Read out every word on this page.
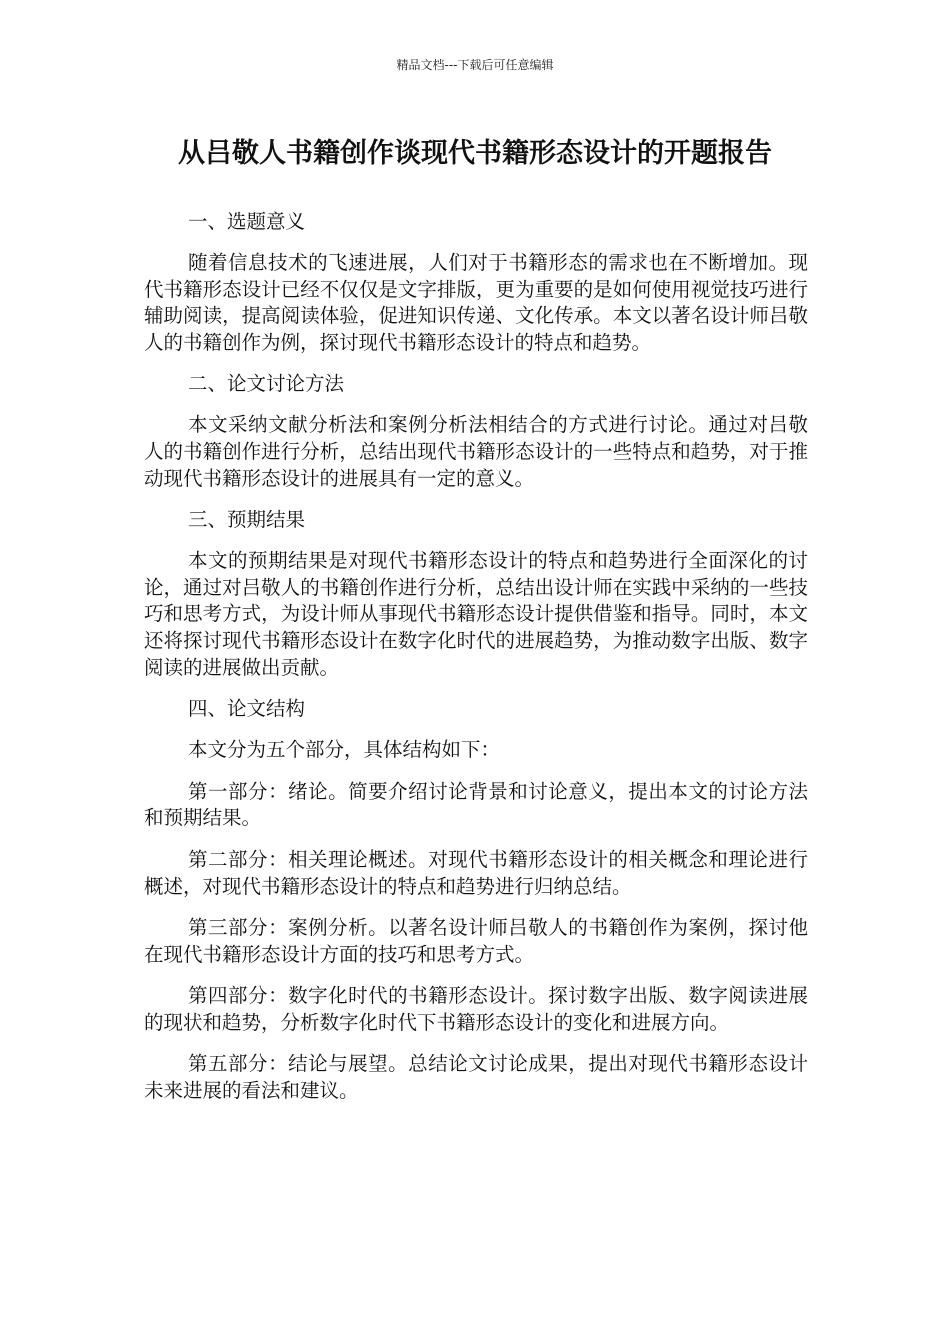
精品文档---下载后可任意编辑
从吕敬人书籍创作谈现代书籍形态设计的开题报告
一、选题意义

随着信息技术的飞速进展，人们对于书籍形态的需求也在不断增加。现代书籍形态设计已经不仅仅是文字排版，更为重要的是如何使用视觉技巧进行辅助阅读，提高阅读体验，促进知识传递、文化传承。本文以著名设计师吕敬人的书籍创作为例，探讨现代书籍形态设计的特点和趋势。

二、论文讨论方法

本文采纳文献分析法和案例分析法相结合的方式进行讨论。通过对吕敬人的书籍创作进行分析，总结出现代书籍形态设计的一些特点和趋势，对于推动现代书籍形态设计的进展具有一定的意义。

三、预期结果

本文的预期结果是对现代书籍形态设计的特点和趋势进行全面深化的讨论，通过对吕敬人的书籍创作进行分析，总结出设计师在实践中采纳的一些技巧和思考方式，为设计师从事现代书籍形态设计提供借鉴和指导。同时，本文还将探讨现代书籍形态设计在数字化时代的进展趋势，为推动数字出版、数字阅读的进展做出贡献。

四、论文结构

本文分为五个部分，具体结构如下：

第一部分：绪论。简要介绍讨论背景和讨论意义，提出本文的讨论方法和预期结果。

第二部分：相关理论概述。对现代书籍形态设计的相关概念和理论进行概述，对现代书籍形态设计的特点和趋势进行归纳总结。

第三部分：案例分析。以著名设计师吕敬人的书籍创作为案例，探讨他在现代书籍形态设计方面的技巧和思考方式。

第四部分：数字化时代的书籍形态设计。探讨数字出版、数字阅读进展的现状和趋势，分析数字化时代下书籍形态设计的变化和进展方向。

第五部分：结论与展望。总结论文讨论成果，提出对现代书籍形态设计未来进展的看法和建议。
